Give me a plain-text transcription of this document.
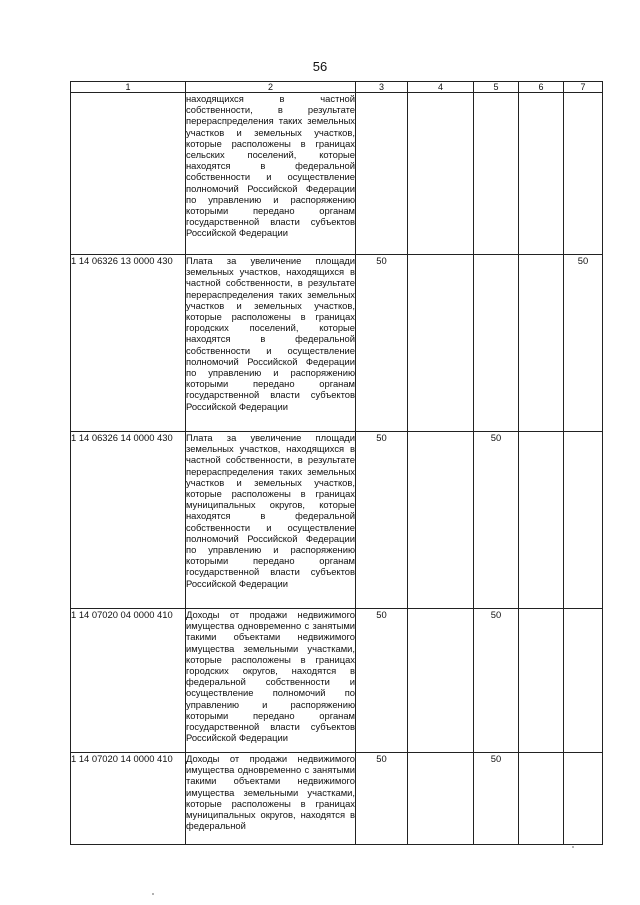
56
1	2	3	4	5	6	7

	находящихся в частной собственности, в результате перераспределения таких земельных участков и земельных участков, которые расположены в границах сельских поселений, которые находятся в федеральной собственности и осуществление полномочий Российской Федерации по управлению и распоряжению которыми передано органам государственной власти субъектов Российской Федерации					

1 14 06326 13 0000 430	Плата за увеличение площади земельных участков, находящихся в частной собственности, в результате перераспределения таких земельных участков и земельных участков, которые расположены в границах городских поселений, которые находятся в федеральной собственности и осуществление полномочий Российской Федерации по управлению и распоряжению которыми передано органам государственной власти субъектов Российской Федерации	50				50
1 14 06326 14 0000 430	Плата за увеличение площади земельных участков, находящихся в частной собственности, в результате перераспределения таких земельных участков и земельных участков, которые расположены в границах муниципальных округов, которые находятся в федеральной собственности и осуществление полномочий Российской Федерации по управлению и распоряжению которыми передано органам государственной власти субъектов Российской Федерации	50		50		
1 14 07020 04 0000 410	Доходы от продажи недвижимого имущества одновременно с занятыми такими объектами недвижимого имущества земельными участками, которые расположены в границах городских округов, находятся в федеральной собственности и осуществление полномочий по управлению и распоряжению которыми передано органам государственной власти субъектов Российской Федерации	50		50		
1 14 07020 14 0000 410	Доходы от продажи недвижимого имущества одновременно с занятыми такими объектами недвижимого имущества земельными участками, которые расположены в границах муниципальных округов, находятся в федеральной	50		50		
